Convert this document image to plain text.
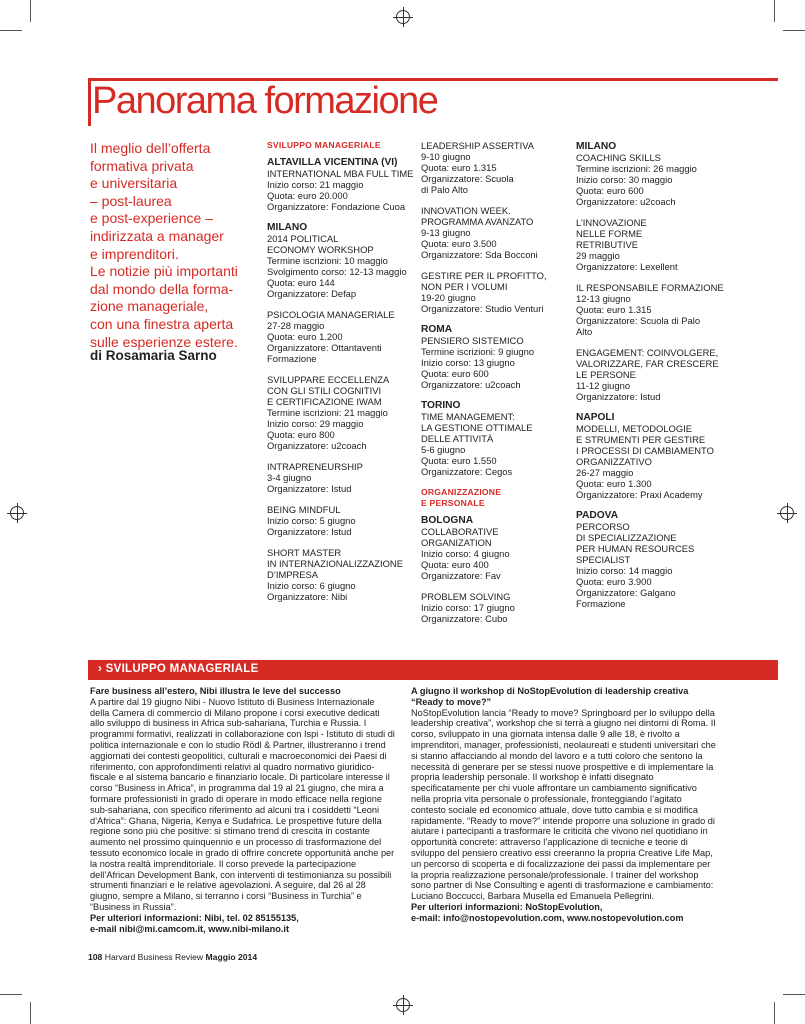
Panorama formazione
Il meglio dell’offerta
formativa privata
e universitaria
– post-laurea
e post-experience –
indirizzata a manager
e imprenditori.
Le notizie più importanti
dal mondo della forma-
zione manageriale,
con una finestra aperta
sulle esperienze estere.
di Rosamaria Sarno
SVILUPPO MANAGERIALE
ALTAVILLA VICENTINA (VI)
INTERNATIONAL MBA FULL TIME
Inizio corso: 21 maggio
Quota: euro 20.000
Organizzatore: Fondazione Cuoa
MILANO
2014 POLITICAL
ECONOMY WORKSHOP
Termine iscrizioni: 10 maggio
Svolgimento corso: 12-13 maggio
Quota: euro 144
Organizzatore: Defap
PSICOLOGIA MANAGERIALE
27-28 maggio
Quota: euro 1.200
Organizzatore: Ottantaventi
Formazione
SVILUPPARE ECCELLENZA
CON GLI STILI COGNITIVI
E CERTIFICAZIONE IWAM
Termine iscrizioni: 21 maggio
Inizio corso: 29 maggio
Quota: euro 800
Organizzatore: u2coach
INTRAPRENEURSHIP
3-4 giugno
Organizzatore: Istud
BEING MINDFUL
Inizio corso: 5 giugno
Organizzatore: Istud
SHORT MASTER
IN INTERNAZIONALIZZAZIONE
D’IMPRESA
Inizio corso: 6 giugno
Organizzatore: Nibi
LEADERSHIP ASSERTIVA
9-10 giugno
Quota: euro 1.315
Organizzatore: Scuola
di Palo Alto
INNOVATION WEEK.
PROGRAMMA AVANZATO
9-13 giugno
Quota: euro 3.500
Organizzatore: Sda Bocconi
GESTIRE PER IL PROFITTO,
NON PER I VOLUMI
19-20 giugno
Organizzatore: Studio Venturi
ROMA
PENSIERO SISTEMICO
Termine iscrizioni: 9 giugno
Inizio corso: 13 giugno
Quota: euro 600
Organizzatore: u2coach
TORINO
TIME MANAGEMENT:
LA GESTIONE OTTIMALE
DELLE ATTIVITÀ
5-6 giugno
Quota: euro 1.550
Organizzatore: Cegos
ORGANIZZAZIONE
E PERSONALE
BOLOGNA
COLLABORATIVE
ORGANIZATION
Inizio corso: 4 giugno
Quota: euro 400
Organizzatore: Fav
PROBLEM SOLVING
Inizio corso: 17 giugno
Organizzatore: Cubo
MILANO
COACHING SKILLS
Termine iscrizioni: 26 maggio
Inizio corso: 30 maggio
Quota: euro 600
Organizzatore: u2coach
L’INNOVAZIONE
NELLE FORME
RETRIBUTIVE
29 maggio
Organizzatore: Lexellent
IL RESPONSABILE FORMAZIONE
12-13 giugno
Quota: euro 1.315
Organizzatore: Scuola di Palo
Alto
ENGAGEMENT: COINVOLGERE,
VALORIZZARE, FAR CRESCERE
LE PERSONE
11-12 giugno
Organizzatore: Istud
NAPOLI
MODELLI, METODOLOGIE
E STRUMENTI PER GESTIRE
I PROCESSI DI CAMBIAMENTO
ORGANIZZATIVO
26-27 maggio
Quota: euro 1.300
Organizzatore: Praxi Academy
PADOVA
PERCORSO
DI SPECIALIZZAZIONE
PER HUMAN RESOURCES
SPECIALIST
Inizio corso: 14 maggio
Quota: euro 3.900
Organizzatore: Galgano
Formazione
› SVILUPPO MANAGERIALE
Fare business all’estero, Nibi illustra le leve del successo
A partire dal 19 giugno Nibi - Nuovo Istituto di Business Internazionale della Camera di commercio di Milano propone i corsi executive dedicati allo sviluppo di business in Africa sub-sahariana, Turchia e Russia. I programmi formativi, realizzati in collaborazione con Ispi - Istituto di studi di politica internazionale e con lo studio Rödl & Partner, illustreranno i trend aggiornati dei contesti geopolitici, culturali e macroeconomici dei Paesi di riferimento, con approfondimenti relativi al quadro normativo giuridico-fiscale e al sistema bancario e finanziario locale. Di particolare interesse il corso “Business in Africa”, in programma dal 19 al 21 giugno, che mira a formare professionisti in grado di operare in modo efficace nella regione sub-sahariana, con specifico riferimento ad alcuni tra i cosiddetti “Leoni d’Africa”: Ghana, Nigeria, Kenya e Sudafrica. Le prospettive future della regione sono più che positive: si stimano trend di crescita in costante aumento nel prossimo quinquennio e un processo di trasformazione del tessuto economico locale in grado di offrire concrete opportunità anche per la nostra realtà imprenditoriale. Il corso prevede la partecipazione dell’African Development Bank, con interventi di testimonianza su possibili strumenti finanziari e le relative agevolazioni. A seguire, dal 26 al 28 giugno, sempre a Milano, si terranno i corsi “Business in Turchia” e “Business in Russia”.
Per ulteriori informazioni: Nibi, tel. 02 85155135,
e-mail nibi@mi.camcom.it, www.nibi-milano.it
A giugno il workshop di NoStopEvolution di leadership creativa “Ready to move?”
NoStopEvolution lancia “Ready to move? Springboard per lo sviluppo della leadership creativa”, workshop che si terrà a giugno nei dintorni di Roma. Il corso, sviluppato in una giornata intensa dalle 9 alle 18, è rivolto a imprenditori, manager, professionisti, neolaureati e studenti universitari che si stanno affacciando al mondo del lavoro e a tutti coloro che sentono la necessità di generare per se stessi nuove prospettive e di implementare la propria leadership personale. Il workshop è infatti disegnato specificatamente per chi vuole affrontare un cambiamento significativo nella propria vita personale o professionale, fronteggiando l’agitato contesto sociale ed economico attuale, dove tutto cambia e si modifica rapidamente. “Ready to move?” intende proporre una soluzione in grado di aiutare i partecipanti a trasformare le criticità che vivono nel quotidiano in opportunità concrete: attraverso l’applicazione di tecniche e teorie di sviluppo del pensiero creativo essi creeranno la propria Creative Life Map, un percorso di scoperta e di focalizzazione dei passi da implementare per la propria realizzazione personale/professionale. I trainer del workshop sono partner di Nse Consulting e agenti di trasformazione e cambiamento: Luciano Boccucci, Barbara Musella ed Emanuela Pellegrini.
Per ulteriori informazioni: NoStopEvolution,
e-mail: info@nostopevolution.com, www.nostopevolution.com
108 Harvard Business Review Maggio 2014
